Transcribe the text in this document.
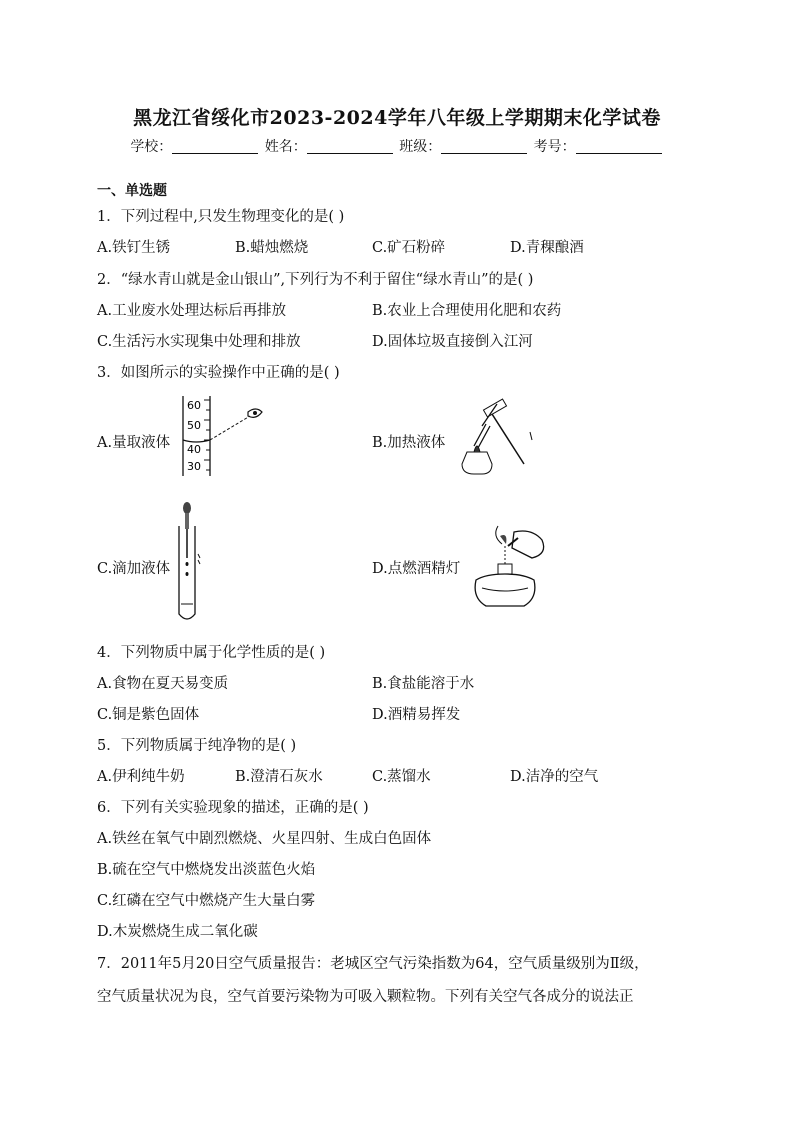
黑龙江省绥化市2023-2024学年八年级上学期期末化学试卷
学校：	姓名：	班级：	考号：
一、单选题
1．下列过程中,只发生物理变化的是( )
A.铁钉生锈	B.蜡烛燃烧	C.矿石粉碎	D.青稞酿酒
2．“绿水青山就是金山银山”,下列行为不利于留住“绿水青山”的是( )
A.工业废水处理达标后再排放	B.农业上合理使用化肥和农药
C.生活污水实现集中处理和排放	D.固体垃圾直接倒入江河
3．如图所示的实验操作中正确的是( )
A.量取液体	B.加热液体
C.滴加液体	D.点燃酒精灯
60
50
40
30
4．下列物质中属于化学性质的是( )
A.食物在夏天易变质	B.食盐能溶于水
C.铜是紫色固体	D.酒精易挥发
5．下列物质属于纯净物的是( )
A.伊利纯牛奶	B.澄清石灰水	C.蒸馏水	D.洁净的空气
6．下列有关实验现象的描述，正确的是( )
A.铁丝在氧气中剧烈燃烧、火星四射、生成白色固体
B.硫在空气中燃烧发出淡蓝色火焰
C.红磷在空气中燃烧产生大量白雾
D.木炭燃烧生成二氧化碳
7．2011年5月20日空气质量报告：老城区空气污染指数为64，空气质量级别为Ⅱ级，
空气质量状况为良，空气首要污染物为可吸入颗粒物。下列有关空气各成分的说法正
